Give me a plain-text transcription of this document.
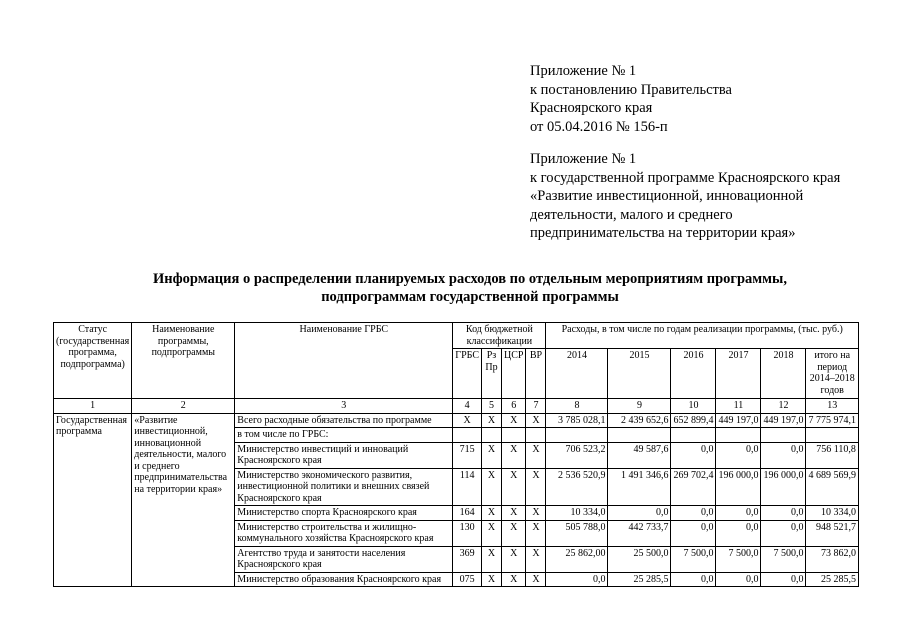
Приложение № 1
к постановлению Правительства
Красноярского края
от 05.04.2016 № 156-п
Приложение № 1
к государственной программе Красноярского края
«Развитие инвестиционной, инновационной
деятельности, малого и среднего
предпринимательства на территории края»
Информация о распределении планируемых расходов по отдельным мероприятиям программы,
подпрограммам государственной программы
Статус (государственная программа, подпрограмма)	Наименование программы, подпрограммы	Наименование ГРБС	Код бюджетной классификации				Расходы, в том числе по годам реализации программы, (тыс. руб.)					
			ГРБС	Рз Пр	ЦСР	ВР	2014	2015	2016	2017	2018	итого на период 2014–2018 годов
1	2	3	4	5	6	7	8	9	10	11	12	13
Государственная программа	«Развитие инвестиционной, инновационной деятельности, малого и среднего предпринимательства на территории края»	Всего расходные обязательства по программе	X	X	X	X	3 785 028,1	2 439 652,6	652 899,4	449 197,0	449 197,0	7 775 974,1
		в том числе по ГРБС:										
		Министерство инвестиций и инноваций Красноярского края	715	X	X	X	706 523,2	49 587,6	0,0	0,0	0,0	756 110,8
		Министерство экономического развития, инвестиционной политики и внешних связей Красноярского края	114	X	X	X	2 536 520,9	1 491 346,6	269 702,4	196 000,0	196 000,0	4 689 569,9
		Министерство спорта Красноярского края	164	X	X	X	10 334,0	0,0	0,0	0,0	0,0	10 334,0
		Министерство строительства и жилищно-коммунального хозяйства Красноярского края	130	X	X	X	505 788,0	442 733,7	0,0	0,0	0,0	948 521,7
		Агентство труда и занятости населения Красноярского края	369	X	X	X	25 862,00	25 500,0	7 500,0	7 500,0	7 500,0	73 862,0
		Министерство образования Красноярского края	075	X	X	X	0,0	25 285,5	0,0	0,0	0,0	25 285,5
